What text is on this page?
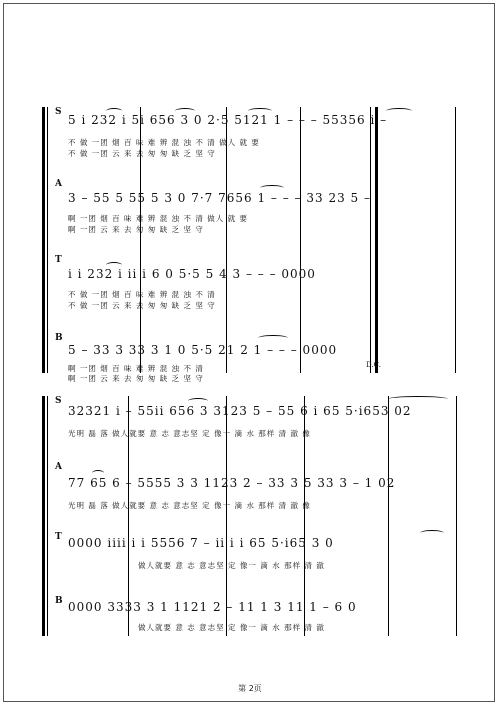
S
5 i 232 i 5i 656 3 0 2·5 5121 1 – – – 55356 i –
不 做 一团 烟 百 味 难 辨 混 浊 不 清 做人 就 要
不 做 一团 云 来 去 匆 匆 缺 乏 坚 守
A
3 – 55 5 55 5 3 0 7·7 7656 1 – – – 33 23 5 –
啊 一团 烟 百 味 难 辨 混 浊 不 清 做人 就 要
啊 一团 云 来 去 匆 匆 缺 乏 坚 守
T
i i 232 i ii i 6 0 5·5 5 4 3 – – – 0000
不 做 一团 烟 百 味 难 辨 混 浊 不 清
不 做 一团 云 来 去 匆 匆 缺 乏 坚 守
B
5 – 33 3 33 3 1 0 5·5 21 2 1 – – – 0000
啊 一团 烟 百 味 难 辨 混 浊 不 清
啊 一团 云 来 去 匆 匆 缺 乏 坚 守
D.C.
S
32321 i – 55ii 656 3 3123 5 – 55 6 i 65 5·i653 02
光明 磊 落 做人就要 意 志 意志坚 定 像一 滴 水 那样 清 澈 像
A
77 65 6 – 5555 3 3 1123 2 – 33 3 5 33 3 – 1 02
光明 磊 落 做人就要 意 志 意志坚 定 像一 滴 水 那样 清 澈 像
T 0000 iiii i i 5556 7 – ii i i 65 5·i65 3 0
做人就要 意 志 意志坚 定 像一 滴 水 那样 清 澈
B 0000 3333 3 1 1121 2 – 11 1 3 11 1 – 6 0
做人就要 意 志 意志坚 定 像一 滴 水 那样 清 澈
第 2页
